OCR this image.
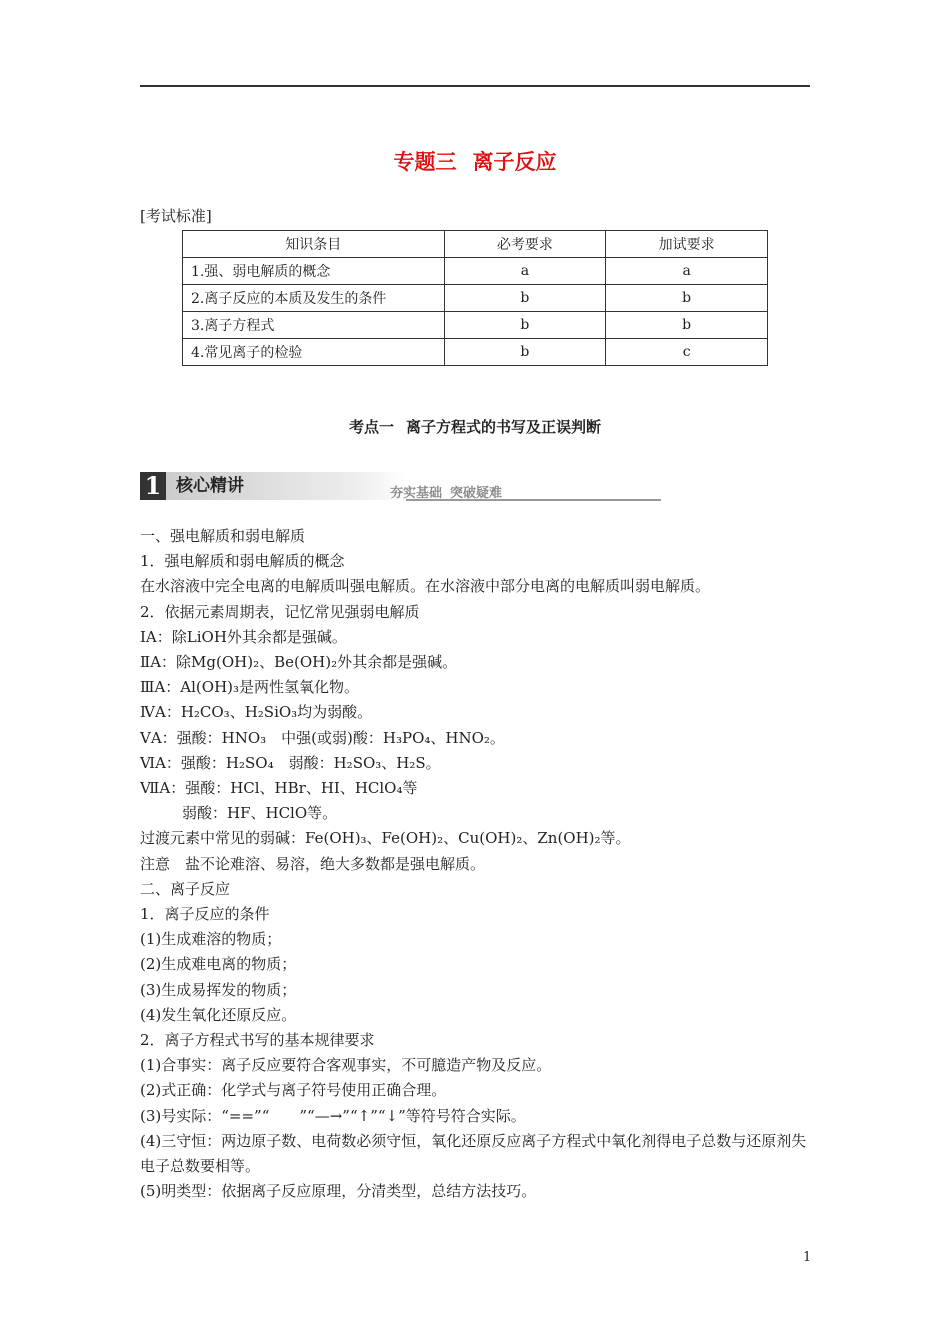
专题三 离子反应
[考试标准]
知识条目	必考要求	加试要求
1.强、弱电解质的概念	a	a
2.离子反应的本质及发生的条件	b	b
3.离子方程式	b	b
4.常见离子的检验	b	c
考点一 离子方程式的书写及正误判断
1 核心精讲	夯实基础 突破疑难

一、强电解质和弱电解质

1．强电解质和弱电解质的概念

在水溶液中完全电离的电解质叫强电解质。在水溶液中部分电离的电解质叫弱电解质。

2．依据元素周期表，记忆常见强弱电解质

ⅠA：除LiOH外其余都是强碱。

ⅡA：除Mg(OH)₂、Be(OH)₂外其余都是强碱。

ⅢA：Al(OH)₃是两性氢氧化物。

ⅣA：H₂CO₃、H₂SiO₃均为弱酸。

ⅤA：强酸：HNO₃　中强(或弱)酸：H₃PO₄、HNO₂。

ⅥA：强酸：H₂SO₄　弱酸：H₂SO₃、H₂S。

ⅦA：强酸：HCl、HBr、HI、HClO₄等

弱酸：HF、HClO等。

过渡元素中常见的弱碱：Fe(OH)₃、Fe(OH)₂、Cu(OH)₂、Zn(OH)₂等。

注意　盐不论难溶、易溶，绝大多数都是强电解质。

二、离子反应

1．离子反应的条件

(1)生成难溶的物质；

(2)生成难电离的物质；

(3)生成易挥发的物质；

(4)发生氧化还原反应。

2．离子方程式书写的基本规律要求

(1)合事实：离子反应要符合客观事实，不可臆造产物及反应。

(2)式正确：化学式与离子符号使用正确合理。

(3)号实际：“==”“　　”“—→”“↑”“↓”等符号符合实际。

(4)三守恒：两边原子数、电荷数必须守恒，氧化还原反应离子方程式中氧化剂得电子总数与还原剂失电子总数要相等。

(5)明类型：依据离子反应原理，分清类型，总结方法技巧。

1
